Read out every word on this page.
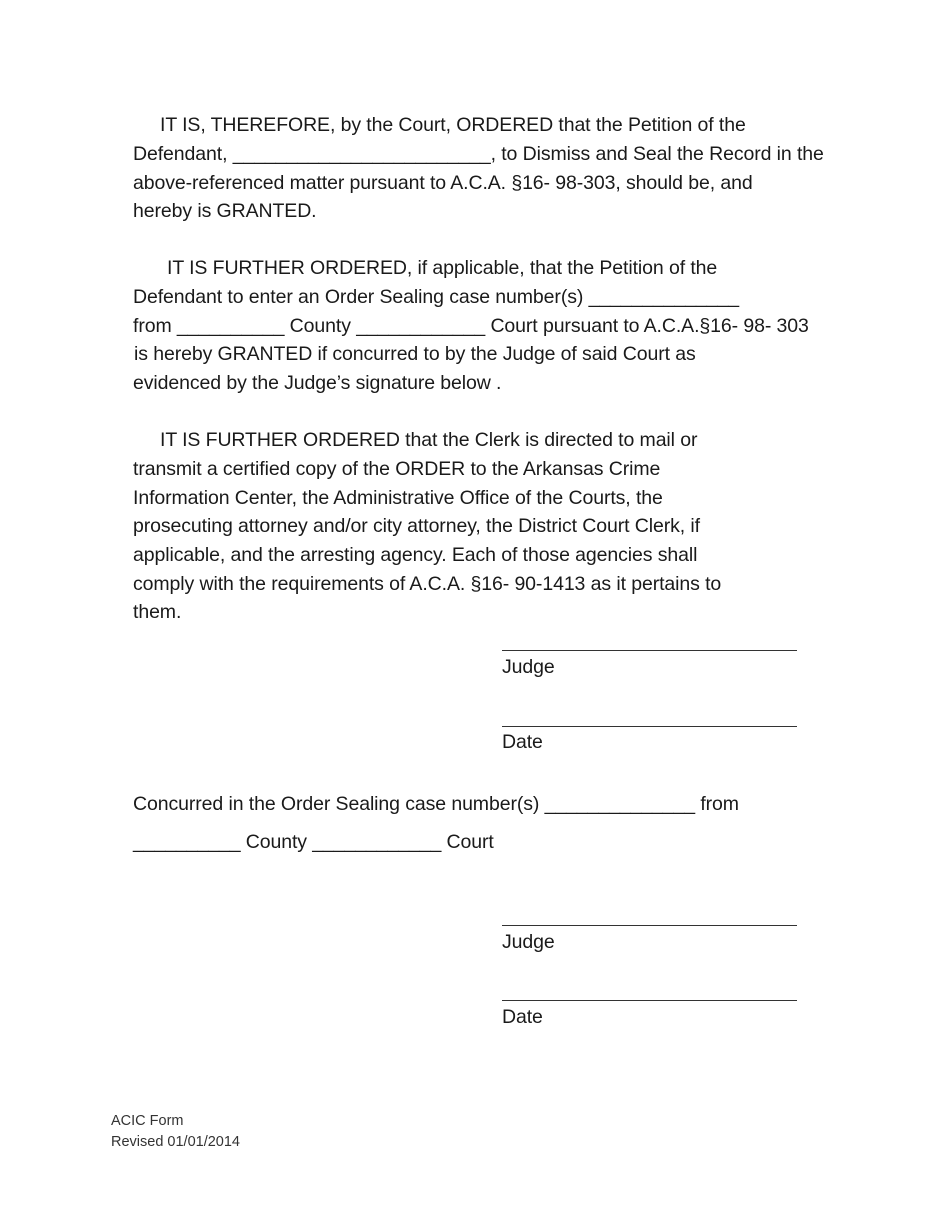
IT IS, THEREFORE, by the Court, ORDERED that the Petition of the
Defendant, ________________________, to Dismiss and Seal the Record in the
above-referenced matter pursuant to A.C.A. §16- 98-303, should be, and
hereby is GRANTED.
IT IS FURTHER ORDERED, if applicable, that the Petition of the
Defendant to enter an Order Sealing case number(s) ______________
from __________ County ____________ Court pursuant to A.C.A.§16- 98- 303
is hereby GRANTED if concurred to by the Judge of said Court as
evidenced by the Judge’s signature below .
IT IS FURTHER ORDERED that the Clerk is directed to mail or
transmit a certified copy of the ORDER to the Arkansas Crime
Information Center, the Administrative Office of the Courts, the
prosecuting attorney and/or city attorney, the District Court Clerk, if
applicable, and the arresting agency. Each of those agencies shall
comply with the requirements of A.C.A. §16- 90-1413 as it pertains to
them.
Judge
Date
Concurred in the Order Sealing case number(s) ______________ from
__________ County ____________ Court
Judge
Date
ACIC Form
Revised 01/01/2014
